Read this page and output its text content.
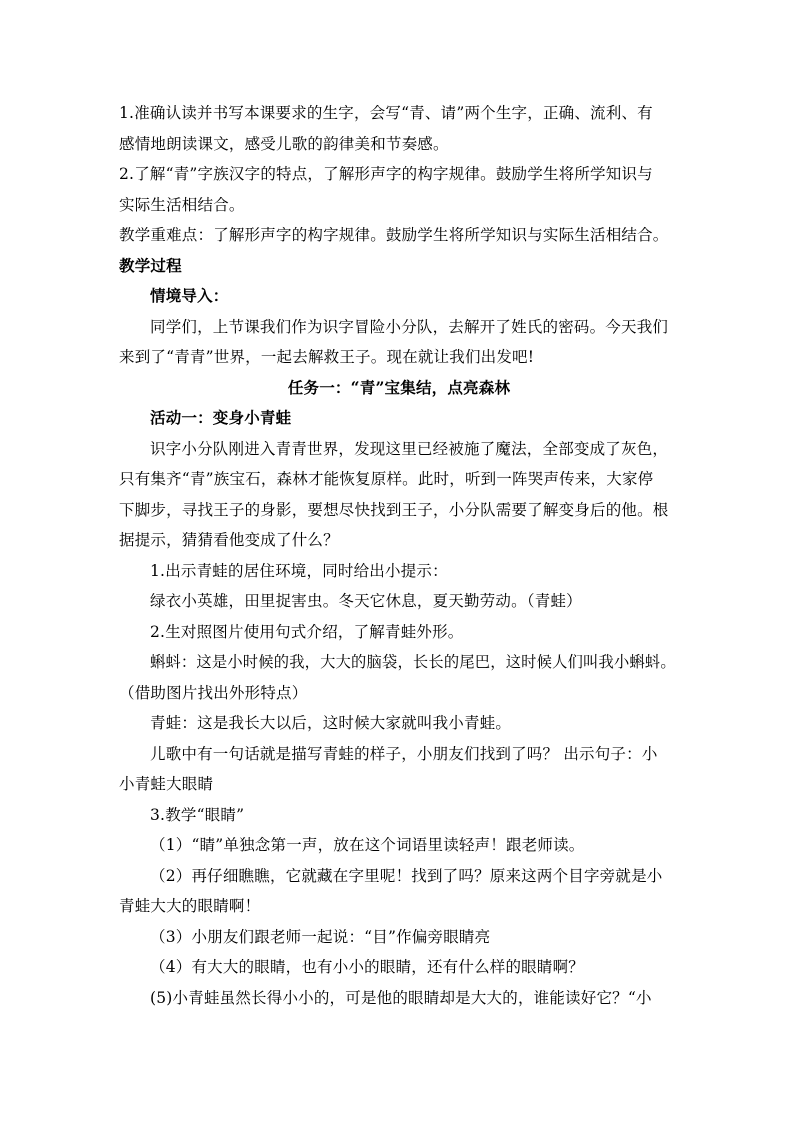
1.准确认读并书写本课要求的生字，会写“青、请”两个生字，正确、流利、有
感情地朗读课文，感受儿歌的韵律美和节奏感。
2.了解“青”字族汉字的特点，了解形声字的构字规律。鼓励学生将所学知识与
实际生活相结合。
教学重难点：了解形声字的构字规律。鼓励学生将所学知识与实际生活相结合。
教学过程
情境导入：
同学们，上节课我们作为识字冒险小分队，去解开了姓氏的密码。今天我们
来到了“青青”世界，一起去解救王子。现在就让我们出发吧!
任务一：“青”宝集结，点亮森林
活动一：变身小青蛙
识字小分队刚进入青青世界，发现这里已经被施了魔法，全部变成了灰色，
只有集齐“青”族宝石，森林才能恢复原样。此时，听到一阵哭声传来，大家停
下脚步，寻找王子的身影，要想尽快找到王子，小分队需要了解变身后的他。根
据提示，猜猜看他变成了什么？
1.出示青蛙的居住环境，同时给出小提示：
绿衣小英雄，田里捉害虫。冬天它休息，夏天勤劳动。（青蛙）
2.生对照图片使用句式介绍，了解青蛙外形。
蝌蚪：这是小时候的我，大大的脑袋，长长的尾巴，这时候人们叫我小蝌蚪。
（借助图片找出外形特点）
青蛙：这是我长大以后，这时候大家就叫我小青蛙。
儿歌中有一句话就是描写青蛙的样子，小朋友们找到了吗？ 出示句子：小
小青蛙大眼睛
3.教学“眼睛”
（1）“睛”单独念第一声，放在这个词语里读轻声！跟老师读。
（2）再仔细瞧瞧，它就藏在字里呢！找到了吗？原来这两个目字旁就是小
青蛙大大的眼睛啊！
（3）小朋友们跟老师一起说：“目”作偏旁眼睛亮
（4）有大大的眼睛，也有小小的眼睛，还有什么样的眼睛啊？
(5)小青蛙虽然长得小小的，可是他的眼睛却是大大的，谁能读好它？“小
